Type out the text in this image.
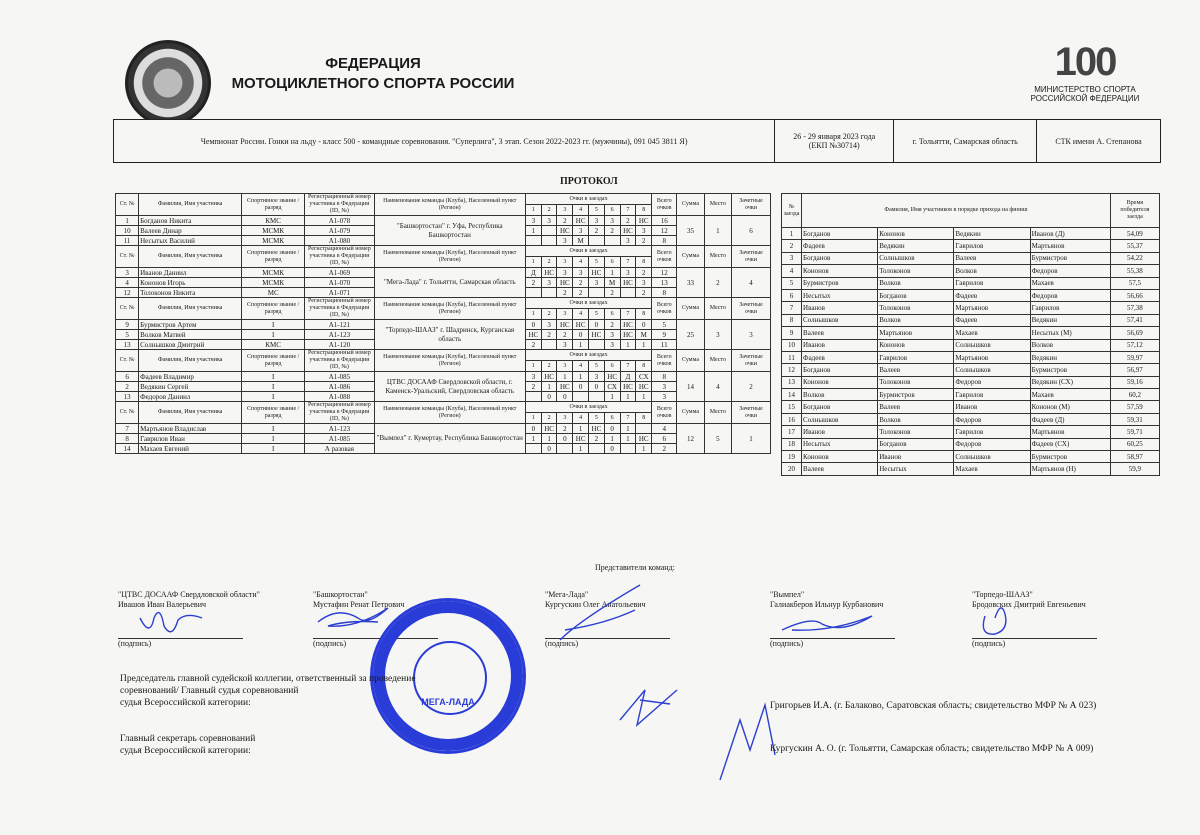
ФЕДЕРАЦИЯ
МОТОЦИКЛЕТНОГО СПОРТА РОССИИ	100
МИНИСТЕРСТВО СПОРТА
РОССИЙСКОЙ ФЕДЕРАЦИИ
Чемпионат России. Гонки на льду - класс 500 - командные соревнования. "Суперлига", 3 этап. Сезон 2022-2023 гг. (мужчины), 091 045 3811 Я)	26 - 29 января 2023 года
(ЕКП №30714)	г. Тольятти, Самарская область	СТК имени А. Степанова
ПРОТОКОЛ
Ст. №	Фамилия, Имя участника	Спортивное звание / разряд	Регистрационный номер участника в Федерации (ID, №)	Наименование команды (Клуба), Населенный пункт (Регион)	Очки в заездах								Всего очков	Сумма	Место	Зачетные очки
					1	2	3	4	5	6	7	8				
1	Богданов Никита	КМС	А1-078	"Башкортостан" г. Уфа, Республика Башкортостан	3	3	2	НС	3	3	2	НС	16	35	1	6
10	Валеев Динар	МСМК	А1-079		1		НС	3	2	2	НС	3	12			
11	Несытых Василий	МСМК	А1-080				3	М			3	2	8			
Ст. №	Фамилия, Имя участника	Спортивное звание / разряд	Регистрационный номер участника в Федерации (ID, №)	Наименование команды (Клуба), Населенный пункт (Регион)	Очки в заездах								Всего очков	Сумма	Место	Зачетные очки
					1	2	3	4	5	6	7	8				
3	Иванов Даниил	МСМК	А1-069	"Мега-Лада" г. Тольятти, Самарская область	Д	НС	3	3	НС	1	3	2	12	33	2	4
4	Кононов Игорь	МСМК	А1-070		2	3	НС	2	3	М	НС	3	13			
12	Толоконов Никита	МС	А1-071				2	2		2		2	8			
Ст. №	Фамилия, Имя участника	Спортивное звание / разряд	Регистрационный номер участника в Федерации (ID, №)	Наименование команды (Клуба), Населенный пункт (Регион)	Очки в заездах								Всего очков	Сумма	Место	Зачетные очки
					1	2	3	4	5	6	7	8				
9	Бурмистров Артем	I	А1-121	"Торпедо-ШААЗ" г. Шадринск, Курганская область	0	3	НС	НС	0	2	НС	0	5	25	3	3
5	Волков Матвей	I	А1-123		НС	2	2	0	НС	3	НС	М	9			
13	Солнышков Дмитрий	КМС	А1-120		2		3	1		3	1	1	11			
Ст. №	Фамилия, Имя участника	Спортивное звание / разряд	Регистрационный номер участника в Федерации (ID, №)	Наименование команды (Клуба), Населенный пункт (Регион)	Очки в заездах								Всего очков	Сумма	Место	Зачетные очки
					1	2	3	4	5	6	7	8				
6	Фадеев Владимир	I	А1-085	ЦТВС ДОСААФ Свердловской области, г. Каменск-Уральский, Свердловская область	3	НС	1	1	3	НС	Д	СХ	8	14	4	2
2	Ведякин Сергей	I	А1-086		2	1	НС	0	0	СХ	НС	НС	3			
13	Федоров Даниил	I	А1-088			0	0			1	1	1	3			
Ст. №	Фамилия, Имя участника	Спортивное звание / разряд	Регистрационный номер участника в Федерации (ID, №)	Наименование команды (Клуба), Населенный пункт (Регион)	Очки в заездах								Всего очков	Сумма	Место	Зачетные очки
					1	2	3	4	5	6	7	8				
7	Мартьянов Владислав	I	А1-123	"Вымпел" г. Кумертау, Республика Башкортостан	0	НС	2	1	НС	0	1		4	12	5	1
8	Гаврилов Иван	I	А1-085		1	1	0	НС	2	1	1	НС	6			
14	Махаев Евгений	I	А разовая			0		1		0		1	2			
№ заезда	Фамилия, Имя участников в порядке прихода на финиш				Время победителя заезда
1	Богданов	Кононов	Ведякин	Иванов (Д)	54,09
2	Фадеев	Ведякин	Гаврилов	Мартьянов	55,37
3	Богданов	Солнышков	Валеев	Бурмистров	54,22
4	Кононов	Толоконов	Волков	Федоров	55,38
5	Бурмистров	Волков	Гаврилов	Махаев	57,5
6	Несытых	Богданов	Фадеев	Федоров	56,66
7	Иванов	Толоконов	Мартьянов	Гаврилов	57,38
8	Солнышков	Волков	Фадеев	Ведякин	57,41
9	Валеев	Мартьянов	Махаев	Несытых (М)	56,69
10	Иванов	Кононов	Солнышков	Волков	57,12
11	Фадеев	Гаврилов	Мартьянов	Ведякин	59,97
12	Богданов	Валеев	Солнышков	Бурмистров	56,97
13	Кононов	Толоконов	Федоров	Ведякин (СХ)	59,16
14	Волков	Бурмистров	Гаврилов	Махаев	60,2
15	Богданов	Валеев	Иванов	Кононов (М)	57,59
16	Солнышков	Волков	Федоров	Фадеев (Д)	59,31
17	Иванов	Толоконов	Гаврилов	Мартьянов	59,71
18	Несытых	Богданов	Федоров	Фадеев (СХ)	60,25
19	Кононов	Иванов	Солнышков	Бурмистров	58,97
20	Валеев	Несытых	Махаев	Мартьянов (Н)	59,9
Представители команд:
"ЦТВС ДОСААФ Свердловской области"
Ивашов Иван Валерьевич
(подпись)
"Башкортостан"
Мустафин Ренат Петрович
(подпись)
"Мега-Лада"
Кургускин Олег Анатольевич
(подпись)
"Вымпел"
Галиакберов Ильнур Курбанович
(подпись)
"Торпедо-ШААЗ"
Бродовских Дмитрий Евгеньевич
(подпись)
МЕГА-ЛАДА
Председатель главной судейской коллегии, ответственный за проведение
соревнований/ Главный судья соревнований
судья Всероссийской категории:	Григорьев И.А. (г. Балаково, Саратовская область; свидетельство МФР № А 023)
Главный секретарь соревнований
судья Всероссийской категории:	Кургускин А. О. (г. Тольятти, Самарская область; свидетельство МФР № А 009)
